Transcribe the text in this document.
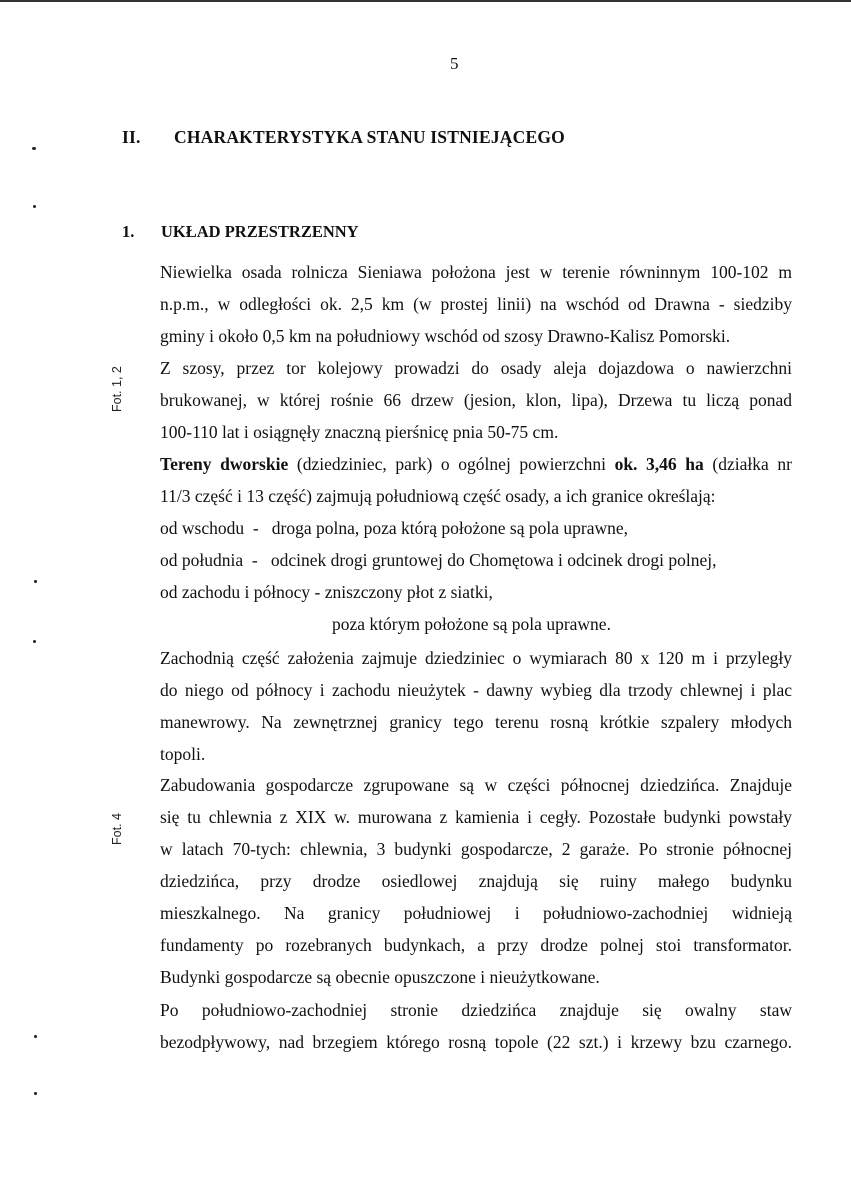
5
II. CHARAKTERYSTYKA STANU ISTNIEJĄCEGO
1. UKŁAD PRZESTRZENNY
Fot. 1, 2
Fot. 4
Niewielka osada rolnicza Sieniawa położona jest w terenie równinnym 100-102 m
n.p.m., w odległości ok. 2,5 km (w prostej linii) na wschód od Drawna - siedziby
gminy i około 0,5 km na południowy wschód od szosy Drawno-Kalisz Pomorski.
Z szosy, przez tor kolejowy prowadzi do osady aleja dojazdowa o nawierzchni
brukowanej, w której rośnie 66 drzew (jesion, klon, lipa), Drzewa tu liczą ponad
100-110 lat i osiągnęły znaczną pierśnicę pnia 50-75 cm.
Tereny dworskie (dziedziniec, park) o ogólnej powierzchni ok. 3,46 ha (działka nr
11/3 część i 13 część) zajmują południową część osady, a ich granice określają:
od wschodu  -   droga polna, poza którą położone są pola uprawne,
od południa  -   odcinek drogi gruntowej do Chomętowa i odcinek drogi polnej,
od zachodu i północy - zniszczony płot z siatki,
poza którym położone są pola uprawne.
Zachodnią część założenia zajmuje dziedziniec o wymiarach 80 x 120 m i przyległy
do niego od północy i zachodu nieużytek - dawny wybieg dla trzody chlewnej i plac
manewrowy. Na zewnętrznej granicy tego terenu rosną krótkie szpalery młodych
topoli.
Zabudowania gospodarcze zgrupowane są w części północnej dziedzińca. Znajduje
się tu chlewnia z XIX w. murowana z kamienia i cegły. Pozostałe budynki powstały
w latach 70-tych: chlewnia, 3 budynki gospodarcze, 2 garaże. Po stronie północnej
dziedzińca, przy drodze osiedlowej znajdują się ruiny małego budynku
mieszkalnego. Na granicy południowej i południowo-zachodniej widnieją
fundamenty po rozebranych budynkach, a przy drodze polnej stoi transformator.
Budynki gospodarcze są obecnie opuszczone i nieużytkowane.
Po południowo-zachodniej stronie dziedzińca znajduje się owalny staw
bezodpływowy, nad brzegiem którego rosną topole (22 szt.) i krzewy bzu czarnego.
